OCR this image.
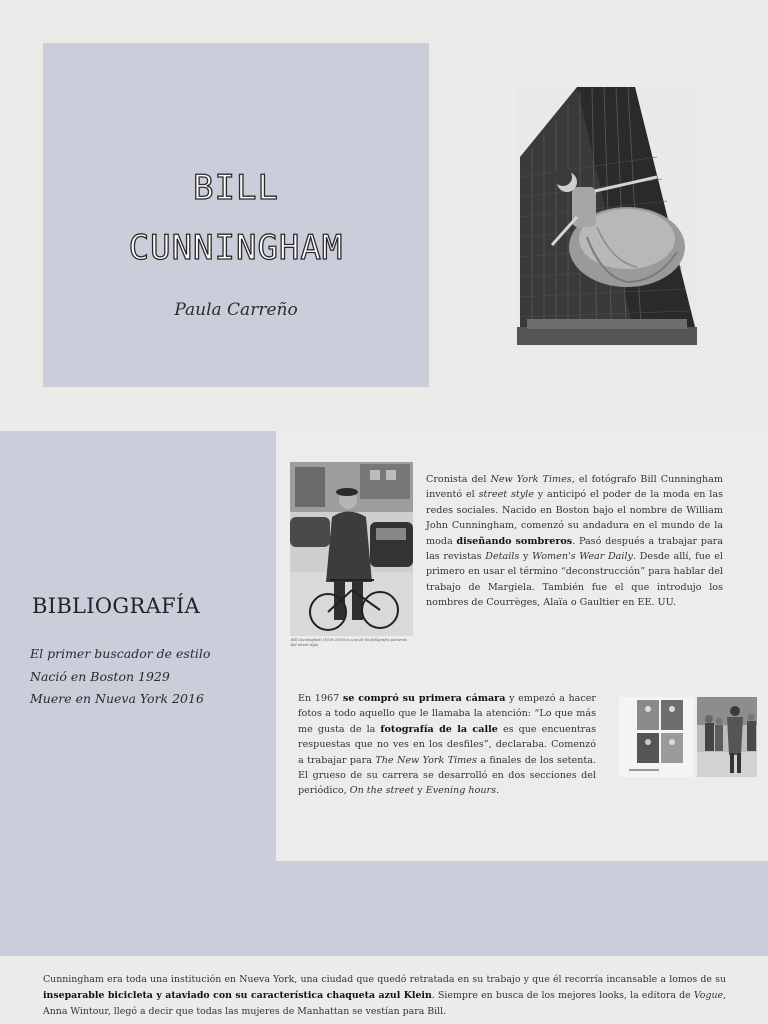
BILL
CUNNINGHAM
Paula Carreño
BIBLIOGRAFÍA
El primer buscador de estilo
Nació en Boston 1929
Muere en Nueva York 2016

Bill Cunningham (1929-2016) es uno de los fotógrafos pioneros del street style.

Cronista del New York Times, el fotógrafo Bill Cunningham inventó el street style y anticipó el poder de la moda en las redes sociales. Nacido en Boston bajo el nombre de William John Cunningham, comenzó su andadura en el mundo de la moda diseñando sombreros. Pasó después a trabajar para las revistas Details y Women's Wear Daily. Desde allí, fue el primero en usar el término “deconstrucción” para hablar del trabajo de Margiela. También fue el que introdujo los nombres de Courrèges, Alaïa o Gaultier en EE. UU.

En 1967 se compró su primera cámara y empezó a hacer fotos a todo aquello que le llamaba la atención: “Lo que más me gusta de la fotografía de la calle es que encuentras respuestas que no ves en los desfiles”, declaraba. Comenzó a trabajar para The New York Times a finales de los setenta. El grueso de su carrera se desarrolló en dos secciones del periódico, On the street y Evening hours.

Cunningham era toda una institución en Nueva York, una ciudad que quedó retratada en su trabajo y que él recorría incansable a lomos de su inseparable bicicleta y ataviado con su característica chaqueta azul Klein. Siempre en busca de los mejores looks, la editora de Vogue, Anna Wintour, llegó a decir que todas las mujeres de Manhattan se vestían para Bill.
